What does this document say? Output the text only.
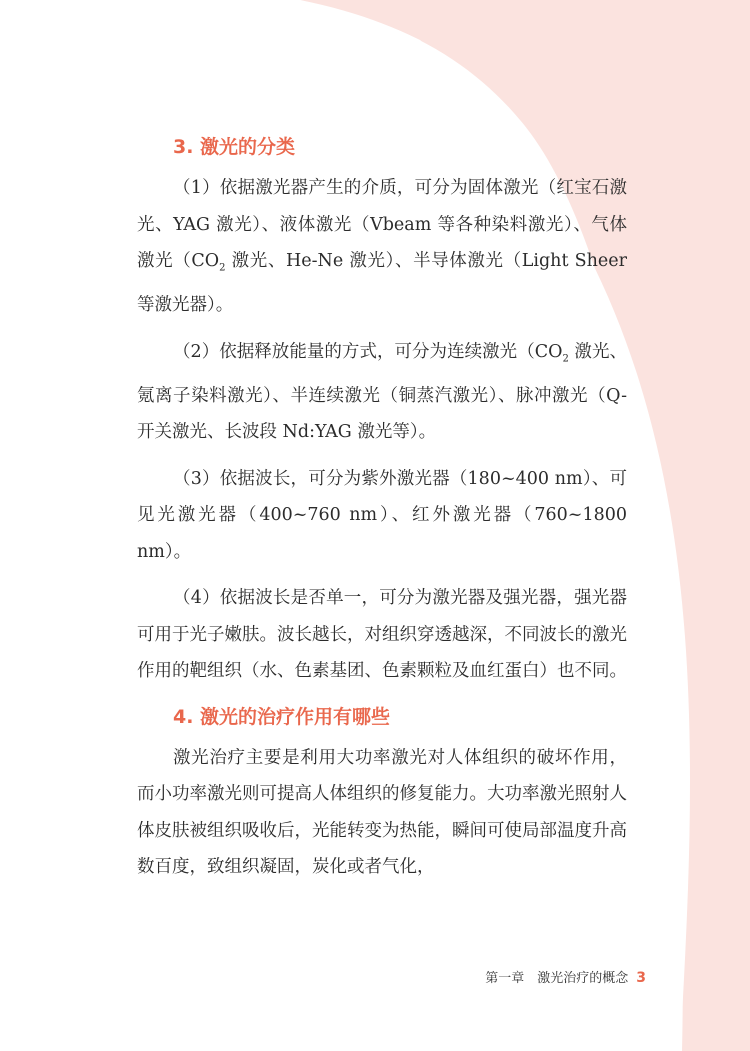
3. 激光的分类

（1）依据激光器产生的介质，可分为固体激光（红宝石激光、YAG 激光）、液体激光（Vbeam 等各种染料激光）、气体激光（$CO_2$ 激光、He-Ne 激光）、半导体激光（Light Sheer 等激光器）。

（2）依据释放能量的方式，可分为连续激光（$CO_2$ 激光、氪离子染料激光）、半连续激光（铜蒸汽激光）、脉冲激光（Q-开关激光、长波段 Nd:YAG 激光等）。

（3）依据波长，可分为紫外激光器（180~400 nm）、可见光激光器（400~760 nm）、红外激光器（760~1800 nm）。

（4）依据波长是否单一，可分为激光器及强光器，强光器可用于光子嫩肤。波长越长，对组织穿透越深，不同波长的激光作用的靶组织（水、色素基团、色素颗粒及血红蛋白）也不同。

4. 激光的治疗作用有哪些

激光治疗主要是利用大功率激光对人体组织的破坏作用，而小功率激光则可提高人体组织的修复能力。大功率激光照射人体皮肤被组织吸收后，光能转变为热能，瞬间可使局部温度升高数百度，致组织凝固，炭化或者气化，

第一章　激光治疗的概念 3
